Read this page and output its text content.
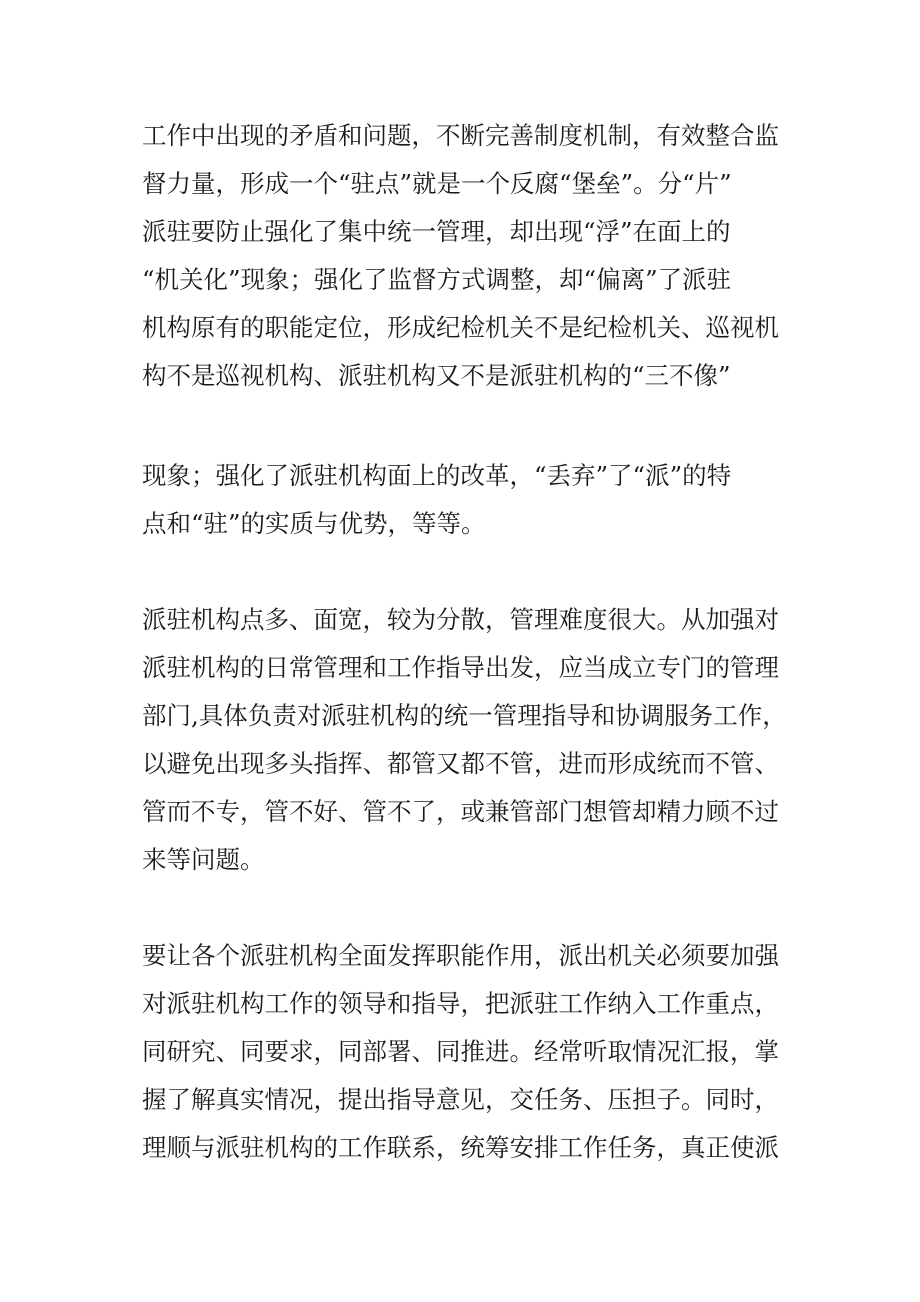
工作中出现的矛盾和问题，不断完善制度机制，有效整合监
督力量，形成一个“驻点”就是一个反腐“堡垒”。分“片”
派驻要防止强化了集中统一管理，却出现“浮”在面上的
“机关化”现象；强化了监督方式调整，却“偏离”了派驻
机构原有的职能定位，形成纪检机关不是纪检机关、巡视机
构不是巡视机构、派驻机构又不是派驻机构的“三不像”

现象；强化了派驻机构面上的改革，“丢弃”了“派”的特
点和“驻”的实质与优势，等等。

派驻机构点多、面宽，较为分散，管理难度很大。从加强对
派驻机构的日常管理和工作指导出发，应当成立专门的管理
部门,具体负责对派驻机构的统一管理指导和协调服务工作，
以避免出现多头指挥、都管又都不管，进而形成统而不管、
管而不专，管不好、管不了，或兼管部门想管却精力顾不过
来等问题。

要让各个派驻机构全面发挥职能作用，派出机关必须要加强
对派驻机构工作的领导和指导，把派驻工作纳入工作重点，
同研究、同要求，同部署、同推进。经常听取情况汇报，掌
握了解真实情况，提出指导意见，交任务、压担子。同时，
理顺与派驻机构的工作联系，统筹安排工作任务，真正使派
